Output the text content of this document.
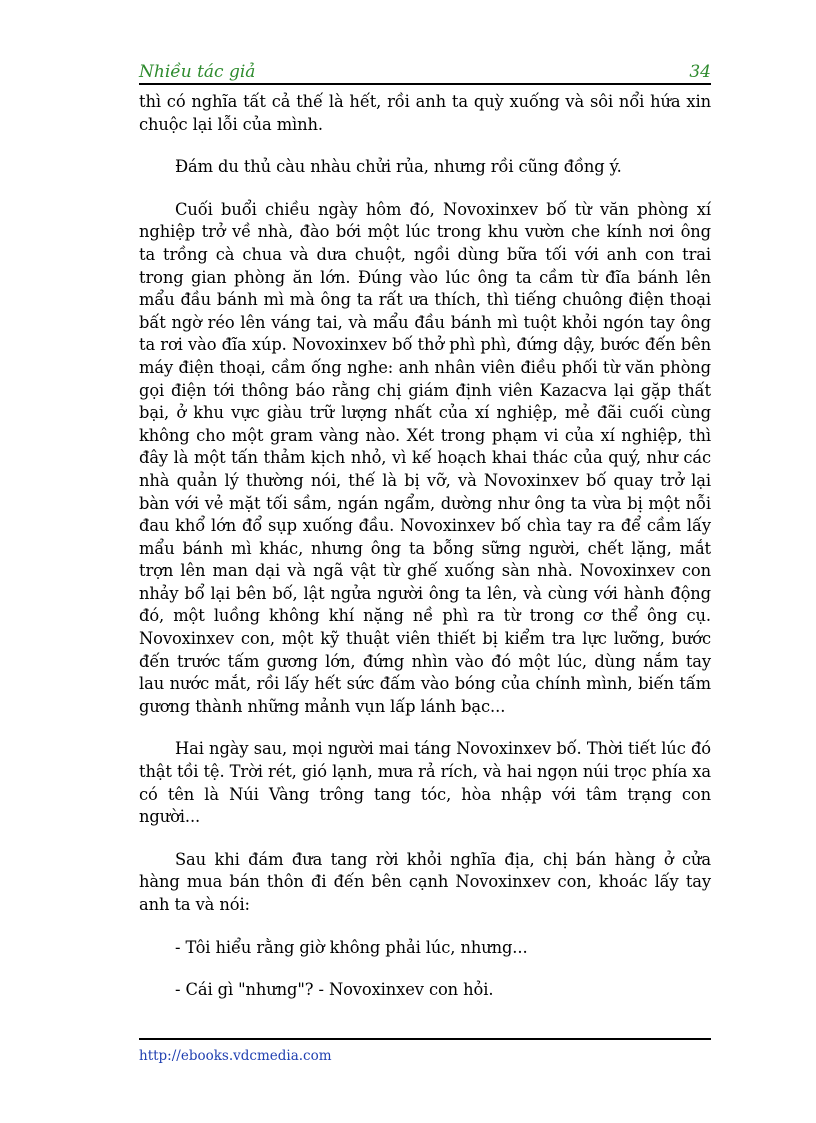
Nhiều tác giả	34

thì có nghĩa tất cả thế là hết, rồi anh ta quỳ xuống và sôi nổi hứa xin chuộc lại lỗi của mình.

Đám du thủ càu nhàu chửi rủa, nhưng rồi cũng đồng ý.

Cuối buổi chiều ngày hôm đó, Novoxinxev bố từ văn phòng xí nghiệp trở về nhà, đào bới một lúc trong khu vườn che kính nơi ông ta trồng cà chua và dưa chuột, ngồi dùng bữa tối với anh con trai trong gian phòng ăn lớn. Đúng vào lúc ông ta cầm từ đĩa bánh lên mẩu đầu bánh mì mà ông ta rất ưa thích, thì tiếng chuông điện thoại bất ngờ réo lên váng tai, và mẩu đầu bánh mì tuột khỏi ngón tay ông ta rơi vào đĩa xúp. Novoxinxev bố thở phì phì, đứng dậy, bước đến bên máy điện thoại, cầm ống nghe: anh nhân viên điều phối từ văn phòng gọi điện tới thông báo rằng chị giám định viên Kazacva lại gặp thất bại, ở khu vực giàu trữ lượng nhất của xí nghiệp, mẻ đãi cuối cùng không cho một gram vàng nào. Xét trong phạm vi của xí nghiệp, thì đây là một tấn thảm kịch nhỏ, vì kế hoạch khai thác của quý, như các nhà quản lý thường nói, thế là bị vỡ, và Novoxinxev bố quay trở lại bàn với vẻ mặt tối sầm, ngán ngẩm, dường như ông ta vừa bị một nỗi đau khổ lớn đổ sụp xuống đầu. Novoxinxev bố chìa tay ra để cầm lấy mẩu bánh mì khác, nhưng ông ta bỗng sững người, chết lặng, mắt trợn lên man dại và ngã vật từ ghế xuống sàn nhà. Novoxinxev con nhảy bổ lại bên bố, lật ngửa người ông ta lên, và cùng với hành động đó, một luồng không khí nặng nề phì ra từ trong cơ thể ông cụ. Novoxinxev con, một kỹ thuật viên thiết bị kiểm tra lực lưỡng, bước đến trước tấm gương lớn, đứng nhìn vào đó một lúc, dùng nắm tay lau nước mắt, rồi lấy hết sức đấm vào bóng của chính mình, biến tấm gương thành những mảnh vụn lấp lánh bạc...

Hai ngày sau, mọi người mai táng Novoxinxev bố. Thời tiết lúc đó thật tồi tệ. Trời rét, gió lạnh, mưa rả rích, và hai ngọn núi trọc phía xa có tên là Núi Vàng trông tang tóc, hòa nhập với tâm trạng con người...

Sau khi đám đưa tang rời khỏi nghĩa địa, chị bán hàng ở cửa hàng mua bán thôn đi đến bên cạnh Novoxinxev con, khoác lấy tay anh ta và nói:

- Tôi hiểu rằng giờ không phải lúc, nhưng...

- Cái gì "nhưng"? - Novoxinxev con hỏi.

http://ebooks.vdcmedia.com
